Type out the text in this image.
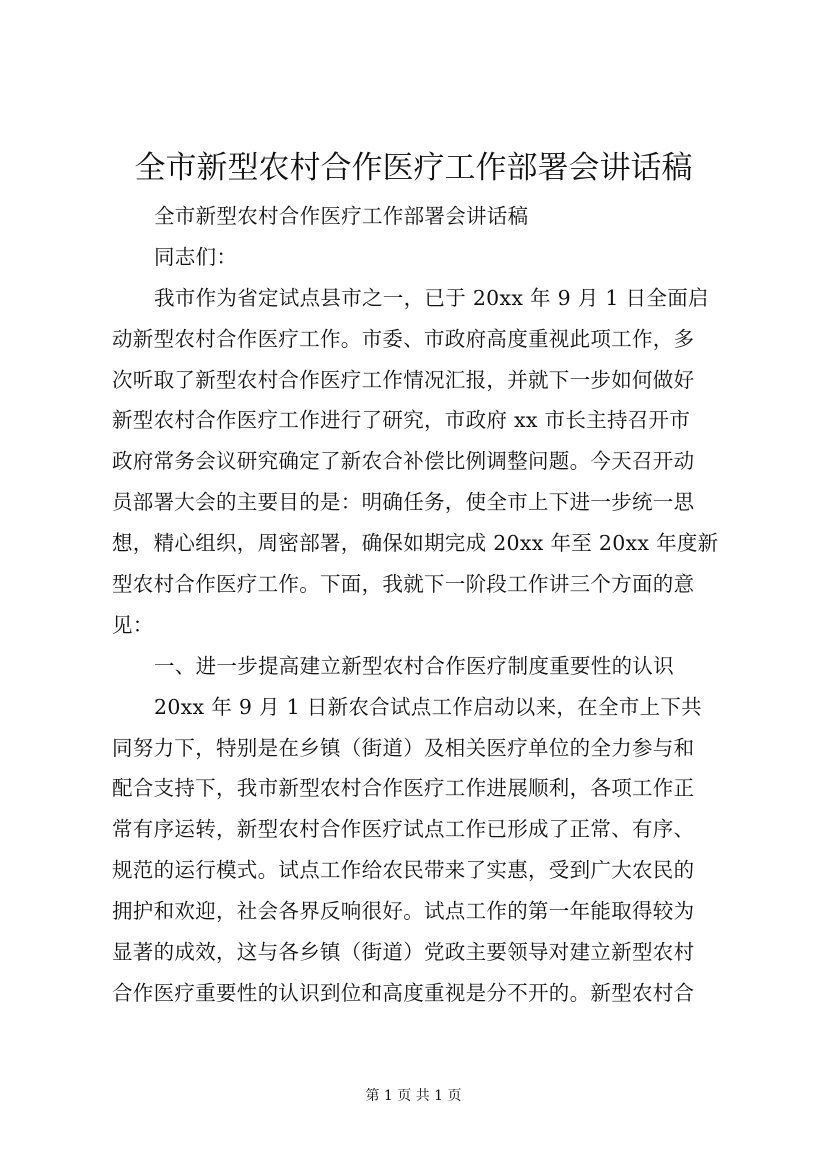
全市新型农村合作医疗工作部署会讲话稿
全市新型农村合作医疗工作部署会讲话稿
同志们：
我市作为省定试点县市之一，已于 20xx 年 9 月 1 日全面启
动新型农村合作医疗工作。市委、市政府高度重视此项工作，多
次听取了新型农村合作医疗工作情况汇报，并就下一步如何做好
新型农村合作医疗工作进行了研究，市政府 xx 市长主持召开市
政府常务会议研究确定了新农合补偿比例调整问题。今天召开动
员部署大会的主要目的是：明确任务，使全市上下进一步统一思
想，精心组织，周密部署，确保如期完成 20xx 年至 20xx 年度新
型农村合作医疗工作。下面，我就下一阶段工作讲三个方面的意
见：
一、进一步提高建立新型农村合作医疗制度重要性的认识
20xx 年 9 月 1 日新农合试点工作启动以来，在全市上下共
同努力下，特别是在乡镇（街道）及相关医疗单位的全力参与和
配合支持下，我市新型农村合作医疗工作进展顺利，各项工作正
常有序运转，新型农村合作医疗试点工作已形成了正常、有序、
规范的运行模式。试点工作给农民带来了实惠，受到广大农民的
拥护和欢迎，社会各界反响很好。试点工作的第一年能取得较为
显著的成效，这与各乡镇（街道）党政主要领导对建立新型农村
合作医疗重要性的认识到位和高度重视是分不开的。新型农村合
第 1 页 共 1 页
